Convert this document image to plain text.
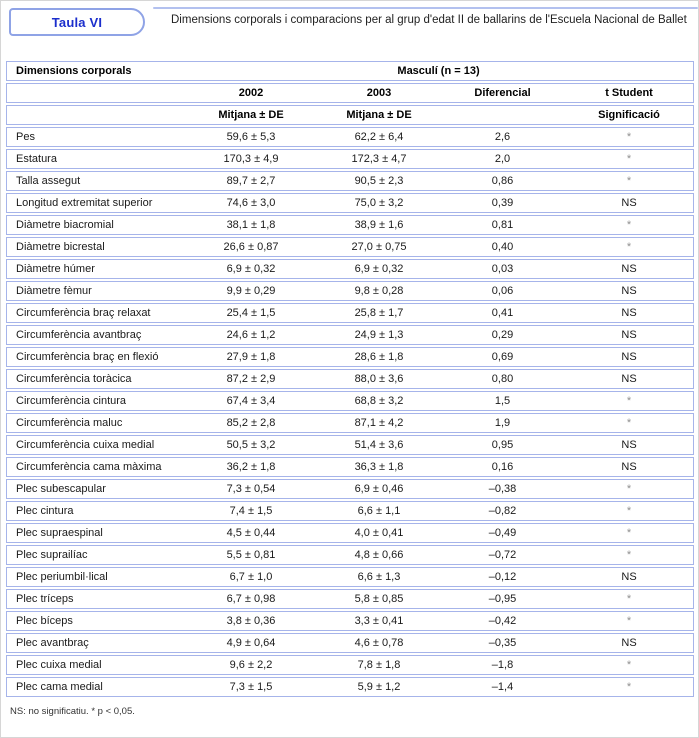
Taula VI	Dimensions corporals i comparacions per al grup d'edat II de ballarins de l'Escuela Nacional de Ballet
Dimensions corporals	Masculí (n = 13)			
	2002	2003	Diferencial	t Student
	Mitjana ± DE	Mitjana ± DE		Significació
Pes	59,6 ± 5,3	62,2 ± 6,4	2,6	*
Estatura	170,3 ± 4,9	172,3 ± 4,7	2,0	*
Talla assegut	89,7 ± 2,7	90,5 ± 2,3	0,86	*
Longitud extremitat superior	74,6 ± 3,0	75,0 ± 3,2	0,39	NS
Diàmetre biacromial	38,1 ± 1,8	38,9 ± 1,6	0,81	*
Diàmetre bicrestal	26,6 ± 0,87	27,0 ± 0,75	0,40	*
Diàmetre húmer	6,9 ± 0,32	6,9 ± 0,32	0,03	NS
Diàmetre fèmur	9,9 ± 0,29	9,8 ± 0,28	0,06	NS
Circumferència braç relaxat	25,4 ± 1,5	25,8 ± 1,7	0,41	NS
Circumferència avantbraç	24,6 ± 1,2	24,9 ± 1,3	0,29	NS
Circumferència braç en flexió	27,9 ± 1,8	28,6 ± 1,8	0,69	NS
Circumferència toràcica	87,2 ± 2,9	88,0 ± 3,6	0,80	NS
Circumferència cintura	67,4 ± 3,4	68,8 ± 3,2	1,5	*
Circumferència maluc	85,2 ± 2,8	87,1 ± 4,2	1,9	*
Circumferència cuixa medial	50,5 ± 3,2	51,4 ± 3,6	0,95	NS
Circumferència cama màxima	36,2 ± 1,8	36,3 ± 1,8	0,16	NS
Plec subescapular	7,3 ± 0,54	6,9 ± 0,46	–0,38	*
Plec cintura	7,4 ± 1,5	6,6 ± 1,1	–0,82	*
Plec supraespinal	4,5 ± 0,44	4,0 ± 0,41	–0,49	*
Plec suprailíac	5,5 ± 0,81	4,8 ± 0,66	–0,72	*
Plec periumbil·lical	6,7 ± 1,0	6,6 ± 1,3	–0,12	NS
Plec tríceps	6,7 ± 0,98	5,8 ± 0,85	–0,95	*
Plec bíceps	3,8 ± 0,36	3,3 ± 0,41	–0,42	*
Plec avantbraç	4,9 ± 0,64	4,6 ± 0,78	–0,35	NS
Plec cuixa medial	9,6 ± 2,2	7,8 ± 1,8	–1,8	*
Plec cama medial	7,3 ± 1,5	5,9 ± 1,2	–1,4	*
NS: no significatiu. * p < 0,05.
